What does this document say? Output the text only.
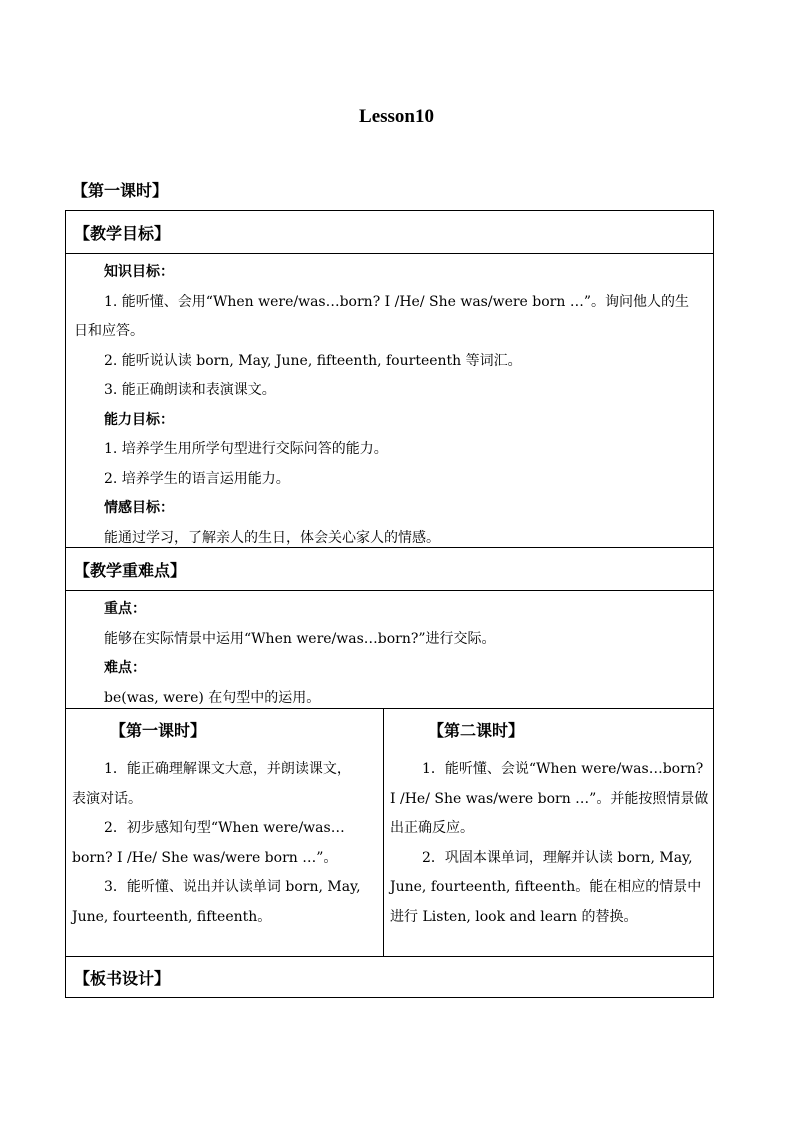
Lesson10
【第一课时】
【教学目标】
知识目标：
1. 能听懂、会用“When were/was…born? I /He/ She was/were born …”。询问他人的生
日和应答。
2. 能听说认读 born, May, June, fifteenth, fourteenth 等词汇。
3. 能正确朗读和表演课文。
能力目标：
1. 培养学生用所学句型进行交际问答的能力。
2. 培养学生的语言运用能力。
情感目标：
能通过学习，了解亲人的生日，体会关心家人的情感。
【教学重难点】
重点：
能够在实际情景中运用“When were/was…born?”进行交际。
难点：
be(was, were) 在句型中的运用。
【第一课时】
1．能正确理解课文大意，并朗读课文，
表演对话。
2．初步感知句型“When were/was…
born? I /He/ She was/were born …”。
3．能听懂、说出并认读单词 born, May,
June, fourteenth, fifteenth。
【第二课时】
1．能听懂、会说“When were/was…born?
I /He/ She was/were born …”。并能按照情景做
出正确反应。
2．巩固本课单词，理解并认读 born, May,
June, fourteenth, fifteenth。能在相应的情景中
进行 Listen, look and learn 的替换。
【板书设计】
